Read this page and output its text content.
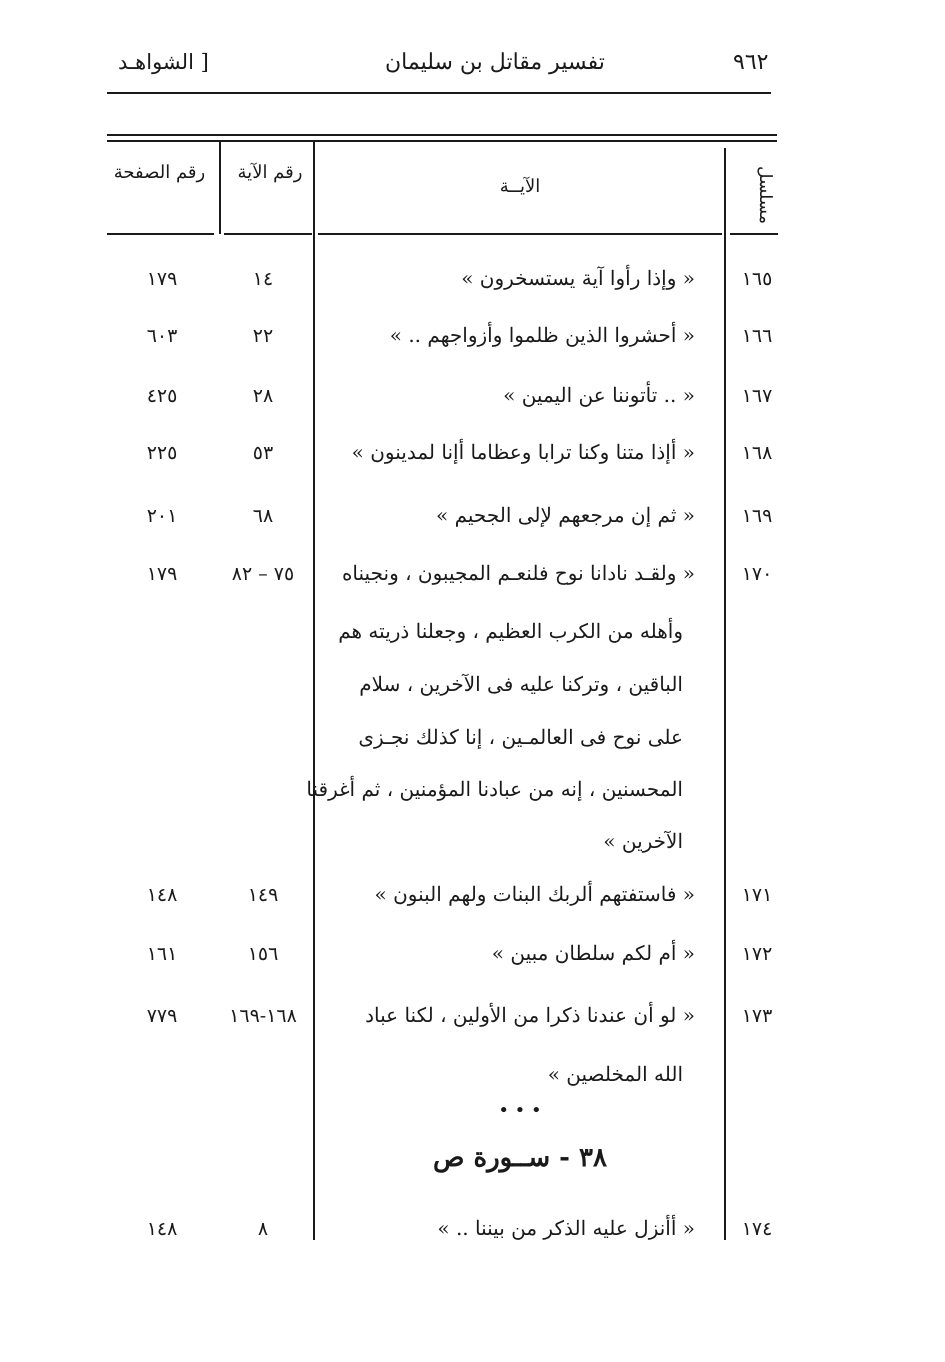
٩٦٢
تفسير مقاتل بن سليمان
[ الشواهـد
مسلسل
الآيــة
رقم الآية
رقم الصفحة
١٦٥
« وإذا رأوا آية يستسخرون »
١٤
١٧٩
١٦٦
« أحشروا الذين ظلموا وأزواجهم .. »
٢٢
٦٠٣
١٦٧
« .. تأتوننا عن اليمين »
٢٨
٤٢٥
١٦٨
« أإذا متنا وكنا ترابا وعظاما أإنا لمدينون »
٥٣
٢٢٥
١٦٩
« ثم إن مرجعهم لإلى الجحيم »
٦٨
٢٠١
١٧٠
« ولقـد نادانا نوح فلنعـم المجيبون ، ونجيناه
وأهله من الكرب العظيم ، وجعلنا ذريته هم
الباقين ، وتركنا عليه فى الآخرين ، سلام
على نوح فى العالمـين ، إنا كذلك نجـزى
المحسنين ، إنه من عبادنا المؤمنين ، ثم أغرقنا
الآخرين »
٧٥ – ٨٢
١٧٩
١٧١
« فاستفتهم ألربك البنات ولهم البنون »
١٤٩
١٤٨
١٧٢
« أم لكم سلطان مبين »
١٥٦
١٦١
١٧٣
« لو أن عندنا ذكرا من الأولين ، لكنا عباد
الله المخلصين »
١٦٨-١٦٩
٧٧٩
• • •
٣٨ - ســورة ص
١٧٤
« أأنزل عليه الذكر من بيننا .. »
٨
١٤٨
